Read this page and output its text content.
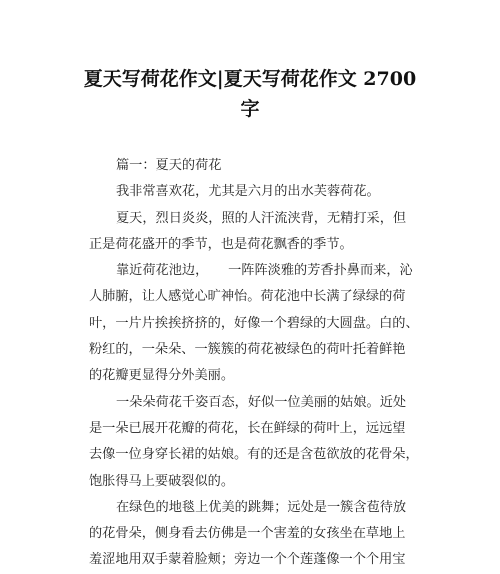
夏天写荷花作文|夏天写荷花作文 2700
字
篇一：夏天的荷花
我非常喜欢花，尤其是六月的出水芙蓉荷花。
夏天，烈日炎炎，照的人汗流浃背，无精打采，但
正是荷花盛开的季节，也是荷花飘香的季节。
靠近荷花池边，　　一阵阵淡雅的芳香扑鼻而来，沁
人肺腑，让人感觉心旷神怡。荷花池中长满了绿绿的荷
叶，一片片挨挨挤挤的，好像一个碧绿的大圆盘。白的、
粉红的，一朵朵、一簇簇的荷花被绿色的荷叶托着鲜艳
的花瓣更显得分外美丽。
一朵朵荷花千姿百态，好似一位美丽的姑娘。近处
是一朵已展开花瓣的荷花，长在鲜绿的荷叶上，远远望
去像一位身穿长裙的姑娘。有的还是含苞欲放的花骨朵，
饱胀得马上要破裂似的。
在绿色的地毯上优美的跳舞；远处是一簇含苞待放
的花骨朵，侧身看去仿佛是一个害羞的女孩坐在草地上
羞涩地用双手蒙着脸颊；旁边一个个莲蓬像一个个用宝
